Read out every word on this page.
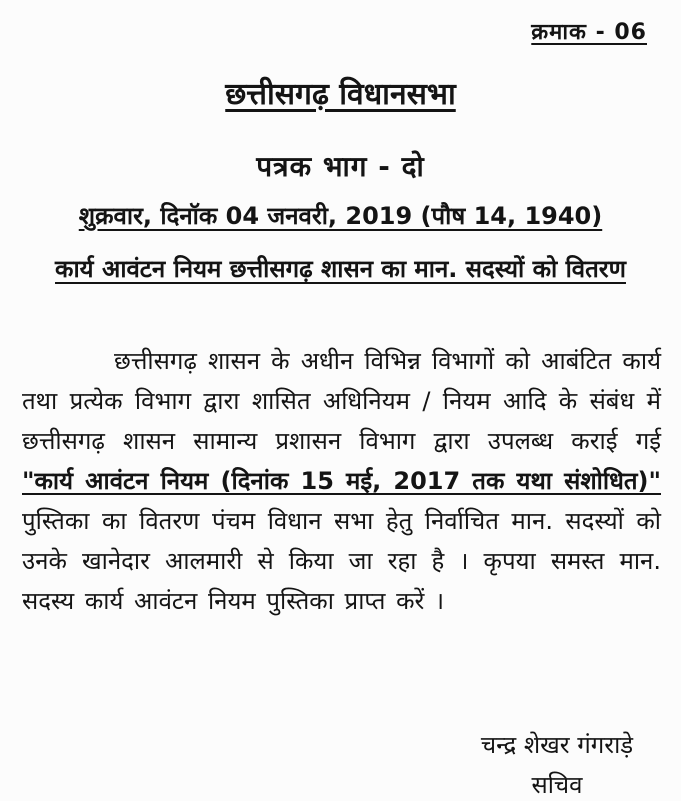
क्रमाक - 06
छत्तीसगढ़ विधानसभा
पत्रक भाग - दो
शुक्रवार, दिनॉक 04 जनवरी, 2019 (पौष 14, 1940)
कार्य आवंटन नियम छत्तीसगढ़ शासन का मान. सदस्यों को वितरण

छत्तीसगढ़ शासन के अधीन विभिन्न विभागों को आबंटित कार्य तथा प्रत्येक विभाग द्वारा शासित अधिनियम / नियम आदि के संबंध में छत्तीसगढ़ शासन सामान्य प्रशासन विभाग द्वारा उपलब्ध कराई गई "कार्य आवंटन नियम (दिनांक 15 मई, 2017 तक यथा संशोधित)" पुस्तिका का वितरण पंचम विधान सभा हेतु निर्वाचित मान. सदस्यों को उनके खानेदार आलमारी से किया जा रहा है । कृपया समस्त मान. सदस्य कार्य आवंटन नियम पुस्तिका प्राप्त करें ।

चन्द्र शेखर गंगराड़े
सचिव
